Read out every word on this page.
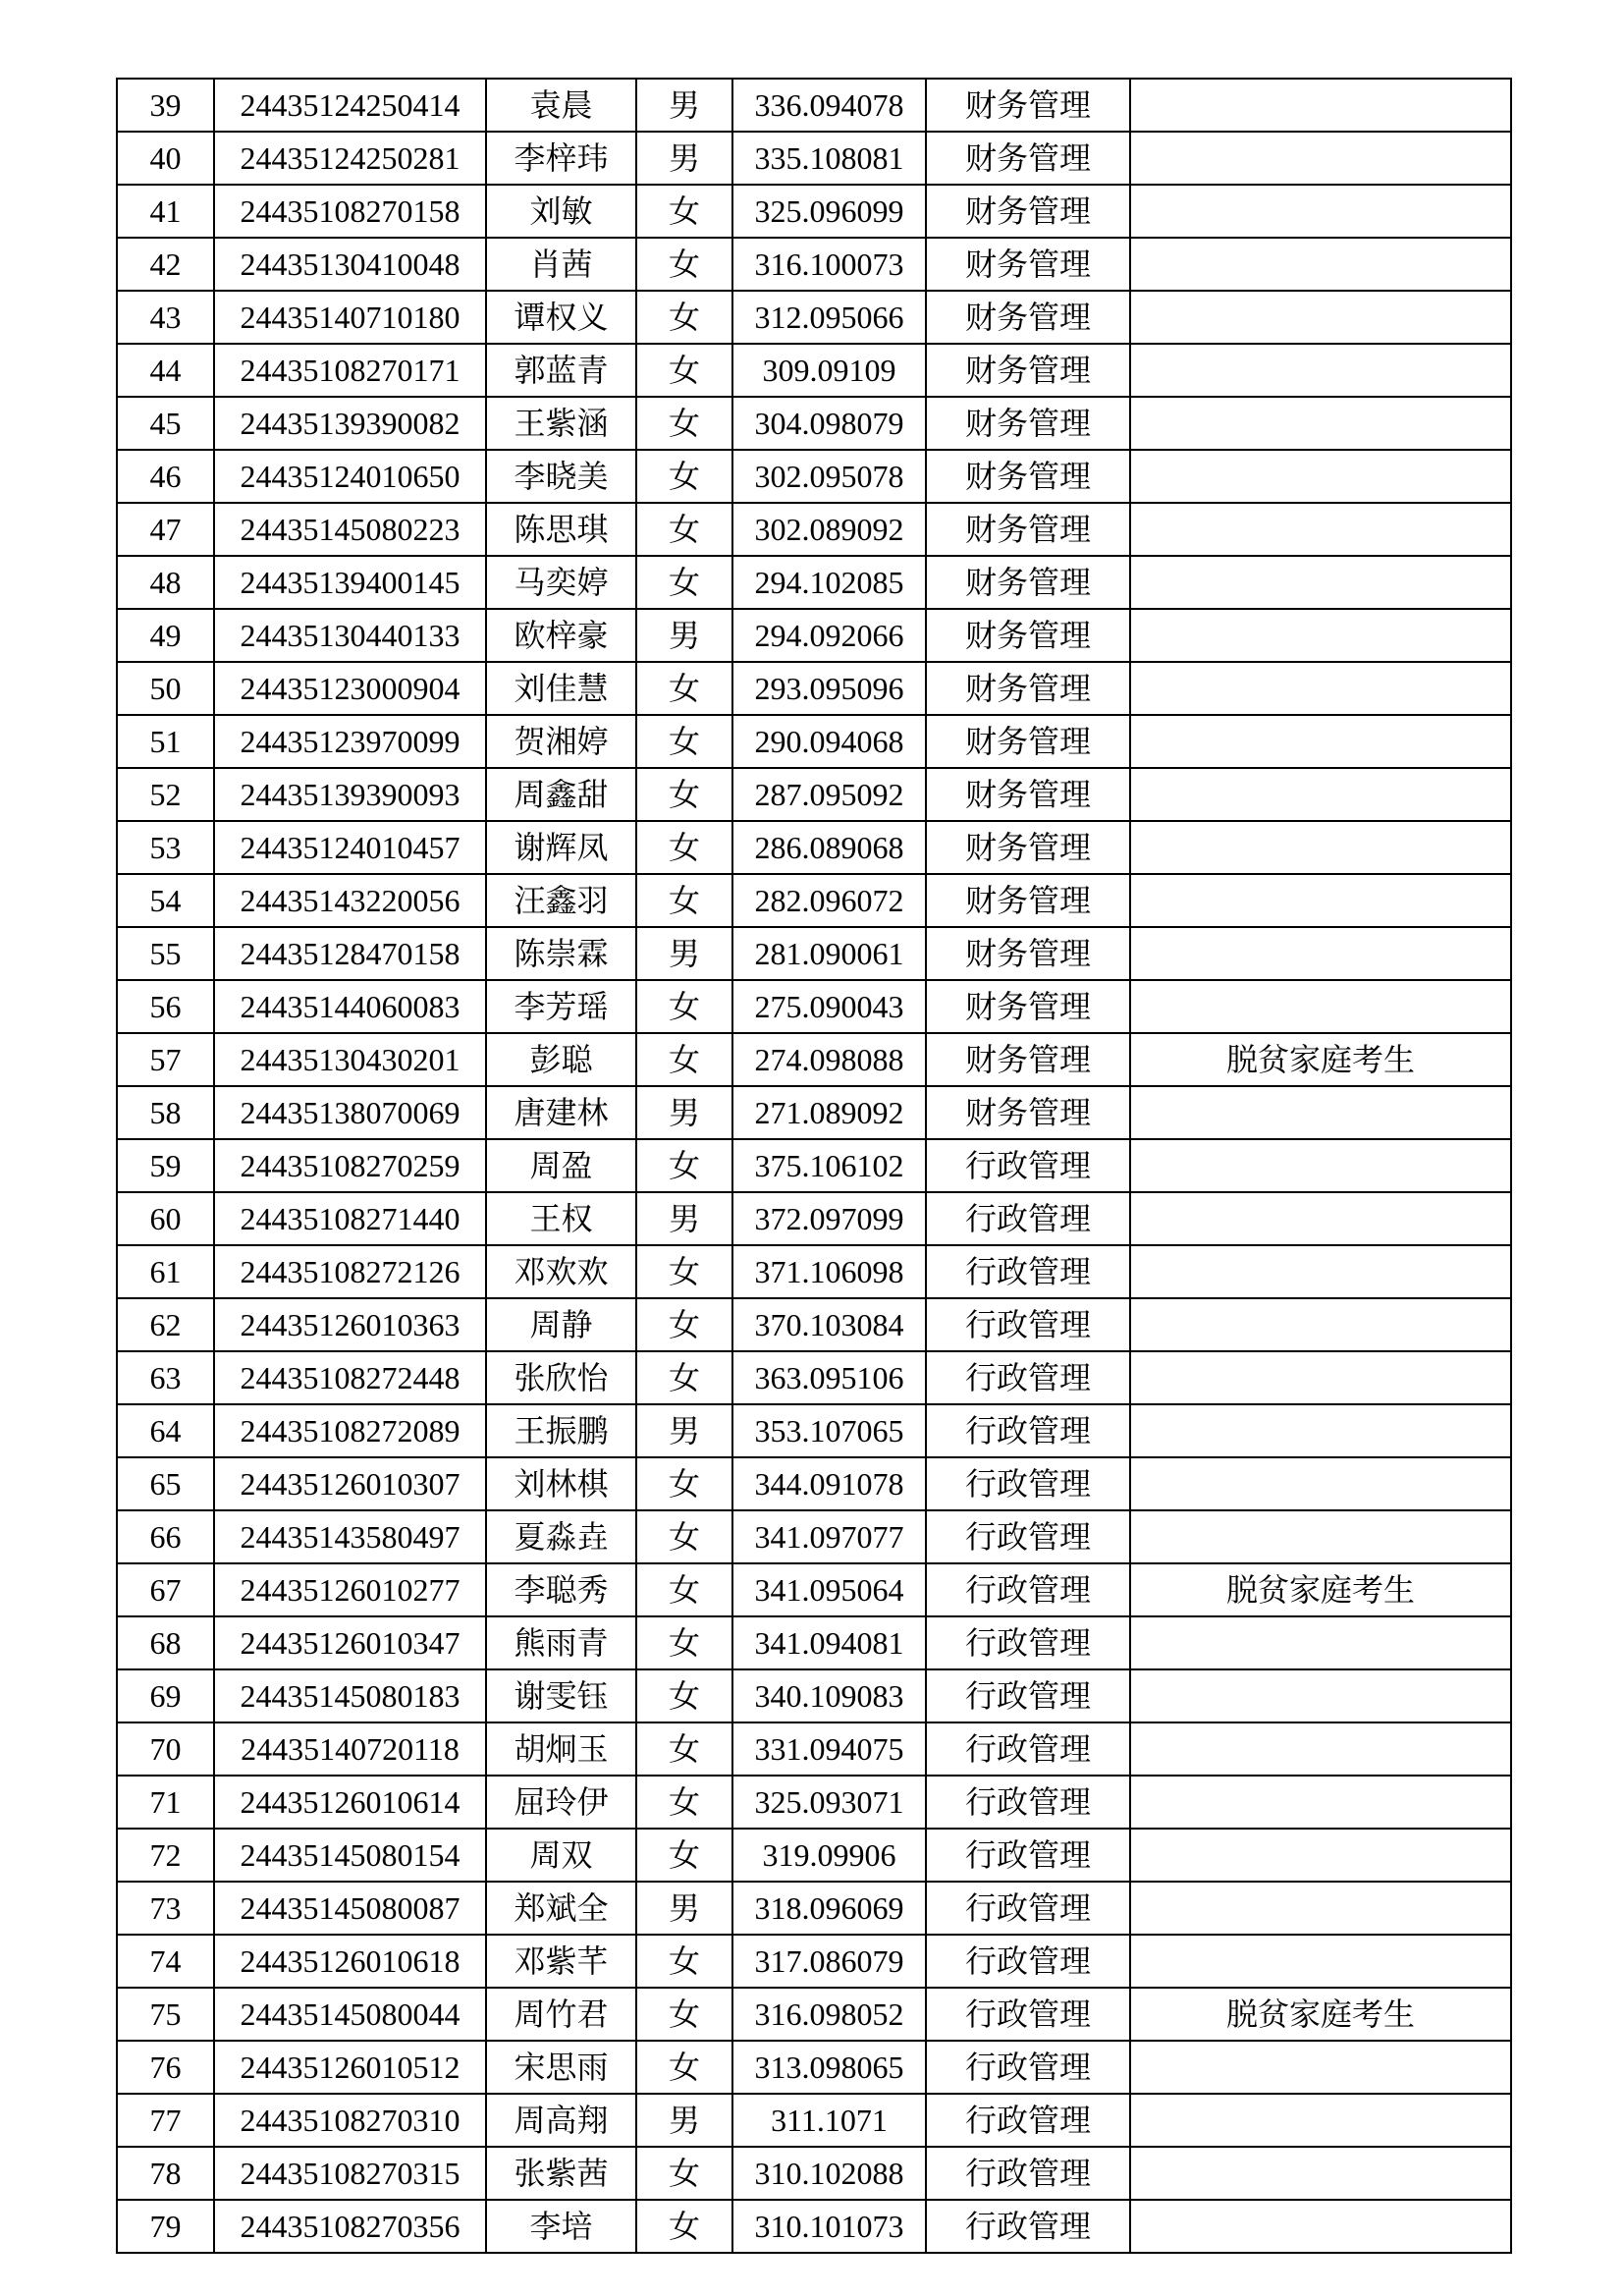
39	24435124250414	袁晨	男	336.094078	财务管理	
40	24435124250281	李梓玮	男	335.108081	财务管理	
41	24435108270158	刘敏	女	325.096099	财务管理	
42	24435130410048	肖茜	女	316.100073	财务管理	
43	24435140710180	谭权义	女	312.095066	财务管理	
44	24435108270171	郭蓝青	女	309.09109	财务管理	
45	24435139390082	王紫涵	女	304.098079	财务管理	
46	24435124010650	李晓美	女	302.095078	财务管理	
47	24435145080223	陈思琪	女	302.089092	财务管理	
48	24435139400145	马奕婷	女	294.102085	财务管理	
49	24435130440133	欧梓豪	男	294.092066	财务管理	
50	24435123000904	刘佳慧	女	293.095096	财务管理	
51	24435123970099	贺湘婷	女	290.094068	财务管理	
52	24435139390093	周鑫甜	女	287.095092	财务管理	
53	24435124010457	谢辉凤	女	286.089068	财务管理	
54	24435143220056	汪鑫羽	女	282.096072	财务管理	
55	24435128470158	陈崇霖	男	281.090061	财务管理	
56	24435144060083	李芳瑶	女	275.090043	财务管理	
57	24435130430201	彭聪	女	274.098088	财务管理	脱贫家庭考生
58	24435138070069	唐建林	男	271.089092	财务管理	
59	24435108270259	周盈	女	375.106102	行政管理	
60	24435108271440	王权	男	372.097099	行政管理	
61	24435108272126	邓欢欢	女	371.106098	行政管理	
62	24435126010363	周静	女	370.103084	行政管理	
63	24435108272448	张欣怡	女	363.095106	行政管理	
64	24435108272089	王振鹏	男	353.107065	行政管理	
65	24435126010307	刘林棋	女	344.091078	行政管理	
66	24435143580497	夏淼垚	女	341.097077	行政管理	
67	24435126010277	李聪秀	女	341.095064	行政管理	脱贫家庭考生
68	24435126010347	熊雨青	女	341.094081	行政管理	
69	24435145080183	谢雯钰	女	340.109083	行政管理	
70	24435140720118	胡炯玉	女	331.094075	行政管理	
71	24435126010614	屈玲伊	女	325.093071	行政管理	
72	24435145080154	周双	女	319.09906	行政管理	
73	24435145080087	郑斌全	男	318.096069	行政管理	
74	24435126010618	邓紫芊	女	317.086079	行政管理	
75	24435145080044	周竹君	女	316.098052	行政管理	脱贫家庭考生
76	24435126010512	宋思雨	女	313.098065	行政管理	
77	24435108270310	周高翔	男	311.1071	行政管理	
78	24435108270315	张紫茜	女	310.102088	行政管理	
79	24435108270356	李培	女	310.101073	行政管理	
